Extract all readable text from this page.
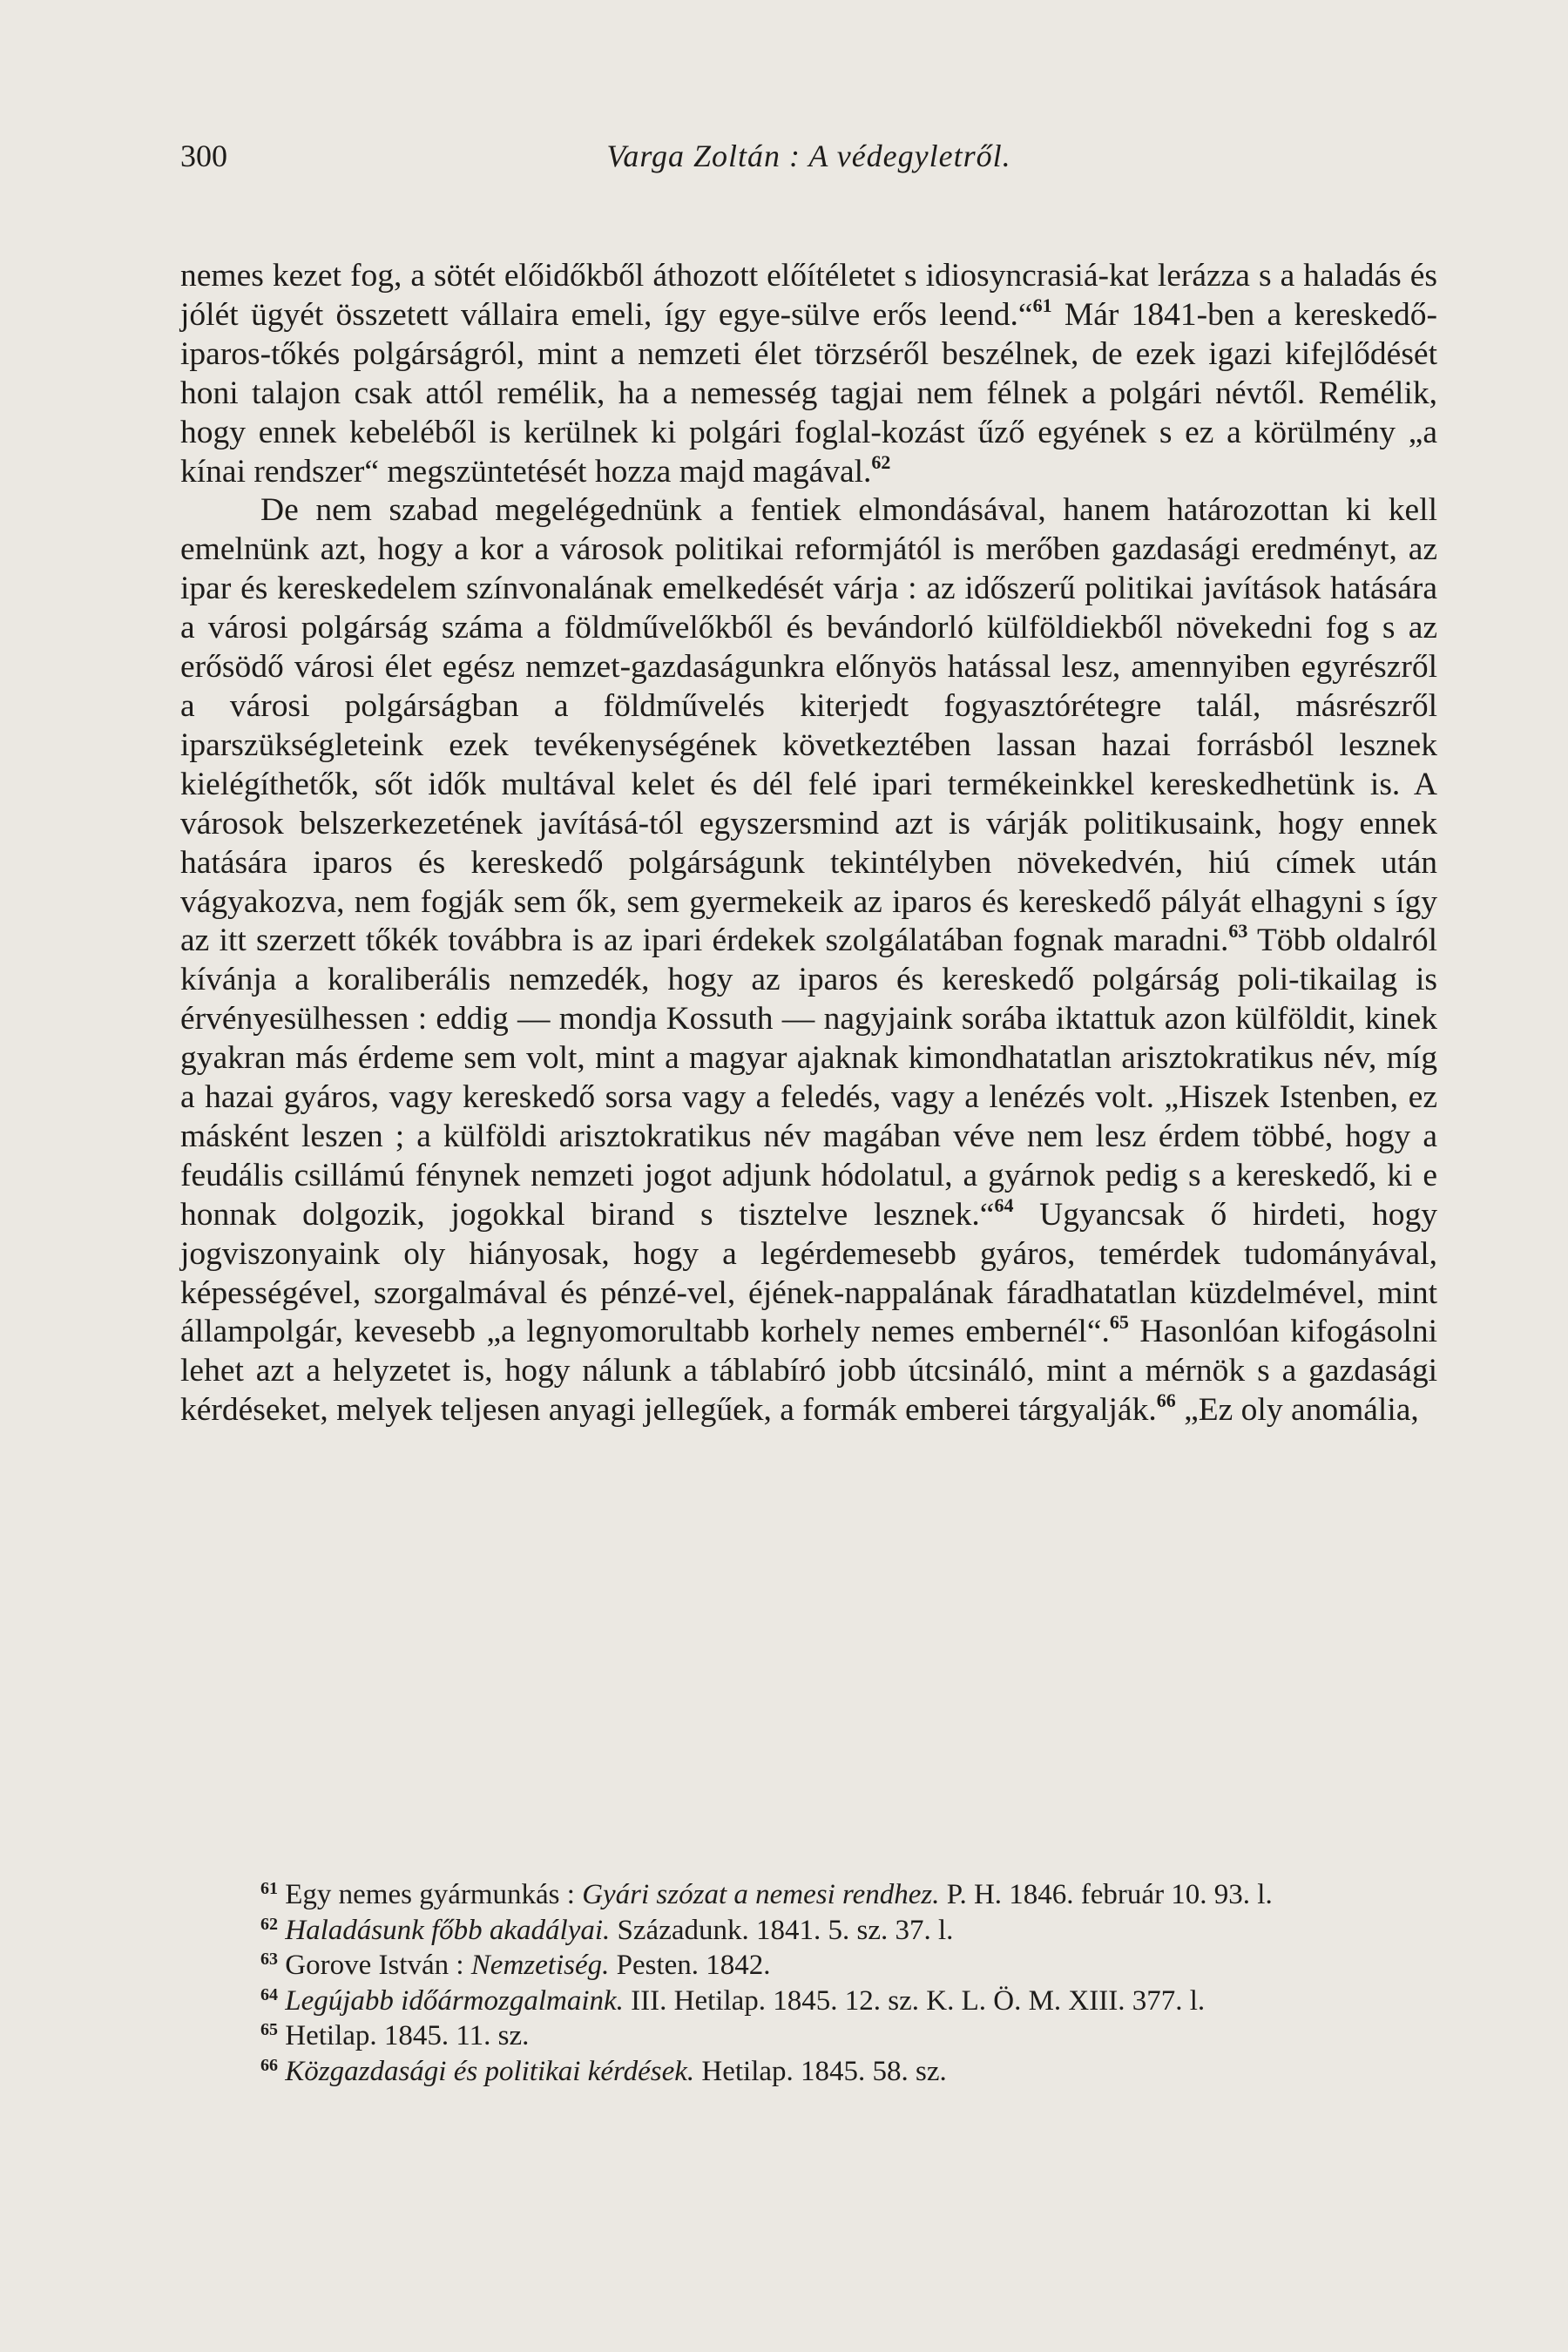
300	Varga Zoltán : A védegyletről.

nemes kezet fog, a sötét előidőkből áthozott előítéletet s idiosyncrasiá-kat lerázza s a haladás és jólét ügyét összetett vállaira emeli, így egye-sülve erős leend.“$^{61}$ Már 1841-ben a kereskedő-iparos-tőkés polgárságról, mint a nemzeti élet törzséről beszélnek, de ezek igazi kifejlődését honi talajon csak attól remélik, ha a nemesség tagjai nem félnek a polgári névtől. Remélik, hogy ennek kebeléből is kerülnek ki polgári foglal-kozást űző egyének s ez a körülmény „a kínai rendszer“ megszüntetését hozza majd magával.$^{62}$

De nem szabad megelégednünk a fentiek elmondásával, hanem határozottan ki kell emelnünk azt, hogy a kor a városok politikai reformjától is merőben gazdasági eredményt, az ipar és kereskedelem színvonalának emelkedését várja : az időszerű politikai javítások hatására a városi polgárság száma a földművelőkből és bevándorló külföldiekből növekedni fog s az erősödő városi élet egész nemzet-gazdaságunkra előnyös hatással lesz, amennyiben egyrészről a városi polgárságban a földművelés kiterjedt fogyasztórétegre talál, másrészről iparszükségleteink ezek tevékenységének következtében lassan hazai forrásból lesznek kielégíthetők, sőt idők multával kelet és dél felé ipari termékeinkkel kereskedhetünk is. A városok belszerkezetének javításá-tól egyszersmind azt is várják politikusaink, hogy ennek hatására iparos és kereskedő polgárságunk tekintélyben növekedvén, hiú címek után vágyakozva, nem fogják sem ők, sem gyermekeik az iparos és kereskedő pályát elhagyni s így az itt szerzett tőkék továbbra is az ipari érdekek szolgálatában fognak maradni.$^{63}$ Több oldalról kívánja a koraliberális nemzedék, hogy az iparos és kereskedő polgárság poli-tikailag is érvényesülhessen : eddig — mondja Kossuth — nagyjaink sorába iktattuk azon külföldit, kinek gyakran más érdeme sem volt, mint a magyar ajaknak kimondhatatlan arisztokratikus név, míg a hazai gyáros, vagy kereskedő sorsa vagy a feledés, vagy a lenézés volt. „Hiszek Istenben, ez másként leszen ; a külföldi arisztokratikus név magában véve nem lesz érdem többé, hogy a feudális csillámú fénynek nemzeti jogot adjunk hódolatul, a gyárnok pedig s a kereskedő, ki e honnak dolgozik, jogokkal birand s tisztelve lesznek.“$^{64}$ Ugyancsak ő hirdeti, hogy jogviszonyaink oly hiányosak, hogy a legérdemesebb gyáros, temérdek tudományával, képességével, szorgalmával és pénzé-vel, éjének-nappalának fáradhatatlan küzdelmével, mint állampolgár, kevesebb „a legnyomorultabb korhely nemes embernél“.$^{65}$ Hasonlóan kifogásolni lehet azt a helyzetet is, hogy nálunk a táblabíró jobb útcsináló, mint a mérnök s a gazdasági kérdéseket, melyek teljesen anyagi jellegűek, a formák emberei tárgyalják.$^{66}$ „Ez oly anomália,

$^{61}$ Egy nemes gyármunkás : Gyári szózat a nemesi rendhez. P. H. 1846. február 10. 93. l.
$^{62}$ Haladásunk főbb akadályai. Századunk. 1841. 5. sz. 37. l.
$^{63}$ Gorove István : Nemzetiség. Pesten. 1842.
$^{64}$ Legújabb időármozgalmaink. III. Hetilap. 1845. 12. sz. K. L. Ö. M. XIII. 377. l.
$^{65}$ Hetilap. 1845. 11. sz.
$^{66}$ Közgazdasági és politikai kérdések. Hetilap. 1845. 58. sz.
